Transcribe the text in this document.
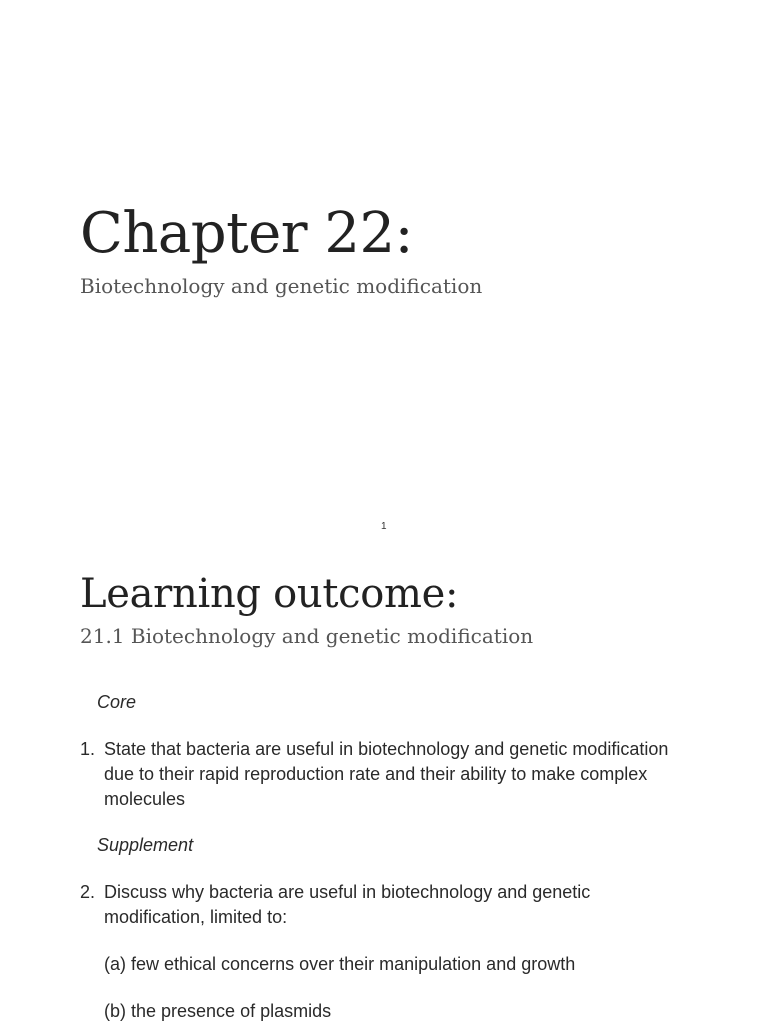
Chapter 22:
Biotechnology and genetic modification
1
Learning outcome:
21.1 Biotechnology and genetic modification
Core
1. State that bacteria are useful in biotechnology and genetic modification due to their rapid reproduction rate and their ability to make complex molecules
Supplement
2. Discuss why bacteria are useful in biotechnology and genetic modification, limited to:
(a) few ethical concerns over their manipulation and growth
(b) the presence of plasmids
